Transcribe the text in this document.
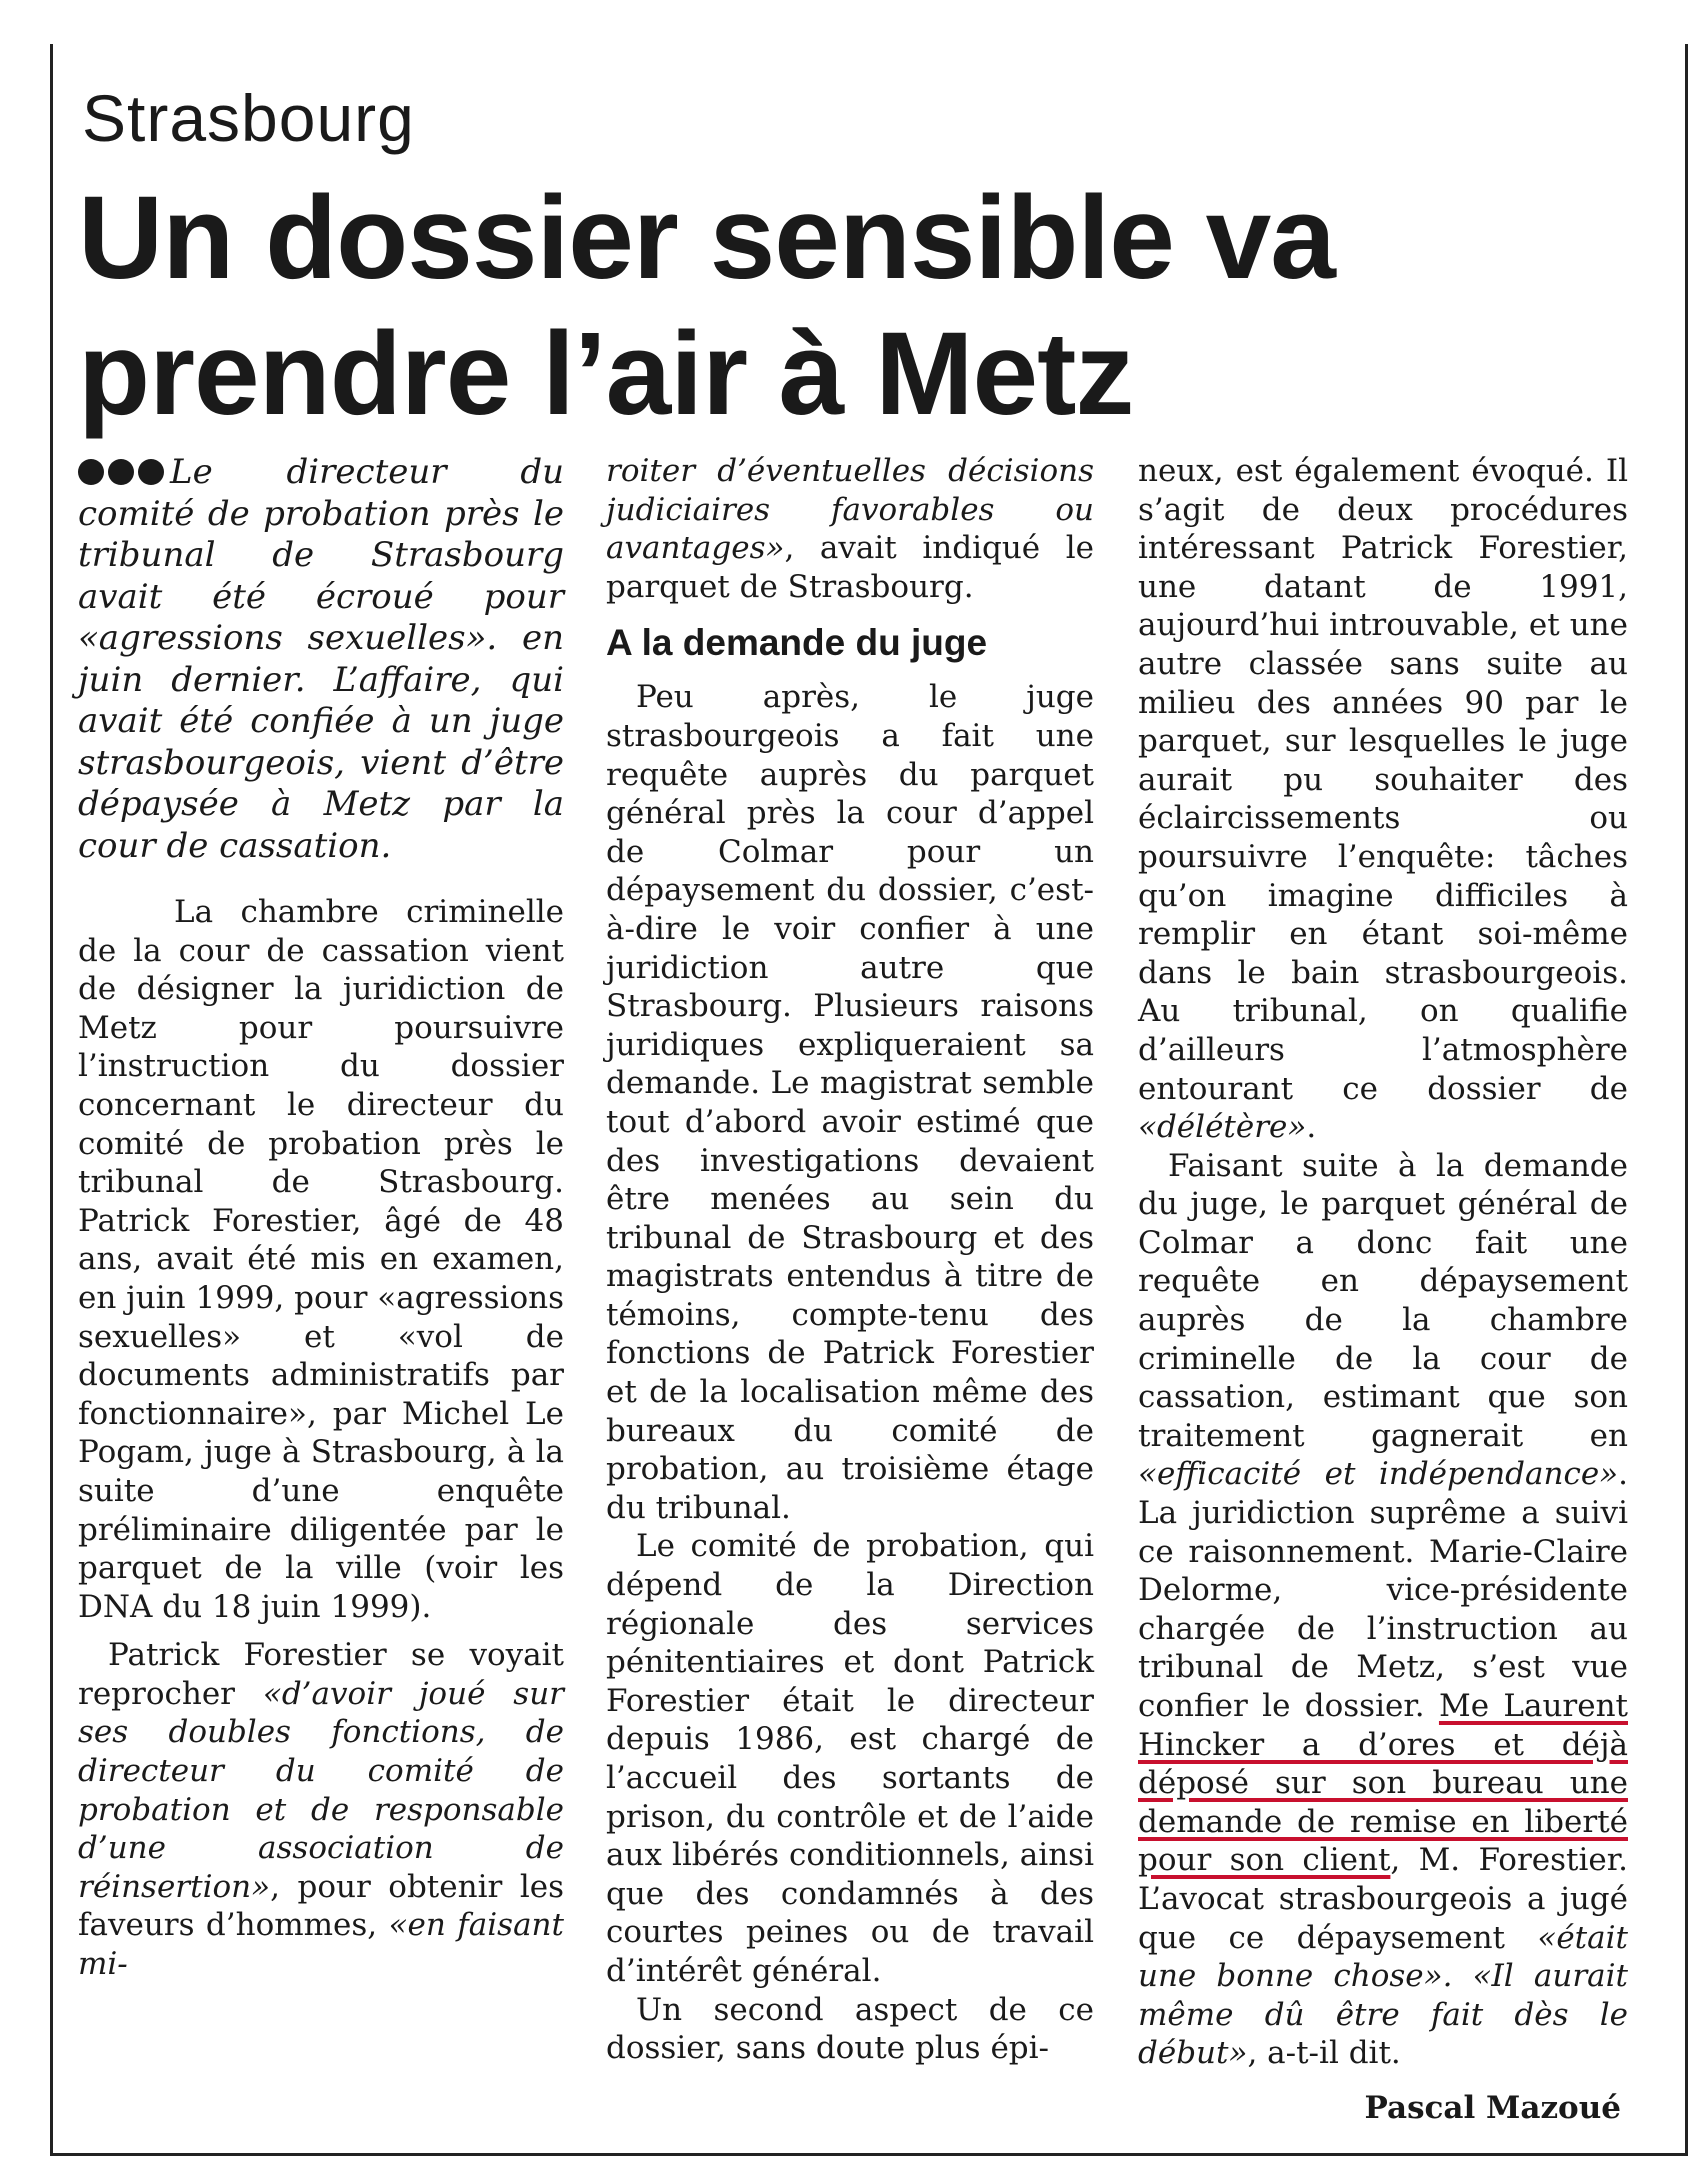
Strasbourg
Un dossier sensible va prendre l’air à Metz

Le directeur du comité de probation près le tribunal de Strasbourg avait été écroué pour «agressions sexuelles». en juin dernier. L’affaire, qui avait été confiée à un juge strasbourgeois, vient d’être dépaysée à Metz par la cour de cassation.

La chambre criminelle de la cour de cassation vient de désigner la juridiction de Metz pour poursuivre l’instruction du dossier concernant le directeur du comité de probation près le tribunal de Strasbourg. Patrick Forestier, âgé de 48 ans, avait été mis en examen, en juin 1999, pour «agressions sexuelles» et «vol de documents administratifs par fonctionnaire», par Michel Le Pogam, juge à Strasbourg, à la suite d’une enquête préliminaire diligentée par le parquet de la ville (voir les DNA du 18 juin 1999).

Patrick Forestier se voyait reprocher «d’avoir joué sur ses doubles fonctions, de directeur du comité de probation et de responsable d’une association de réinsertion», pour obtenir les faveurs d’hommes, «en faisant mi-

roiter d’éventuelles décisions judiciaires favorables ou avantages», avait indiqué le parquet de Strasbourg.

A la demande du juge

Peu après, le juge strasbourgeois a fait une requête auprès du parquet général près la cour d’appel de Colmar pour un dépaysement du dossier, c’est-à-dire le voir confier à une juridiction autre que Strasbourg. Plusieurs raisons juridiques expliqueraient sa demande. Le magistrat semble tout d’abord avoir estimé que des investigations devaient être menées au sein du tribunal de Strasbourg et des magistrats entendus à titre de témoins, compte-tenu des fonctions de Patrick Forestier et de la localisation même des bureaux du comité de probation, au troisième étage du tribunal.

Le comité de probation, qui dépend de la Direction régionale des services pénitentiaires et dont Patrick Forestier était le directeur depuis 1986, est chargé de l’accueil des sortants de prison, du contrôle et de l’aide aux libérés conditionnels, ainsi que des condamnés à des courtes peines ou de travail d’intérêt général.

Un second aspect de ce dossier, sans doute plus épi-

neux, est également évoqué. Il s’agit de deux procédures intéressant Patrick Forestier, une datant de 1991, aujourd’hui introuvable, et une autre classée sans suite au milieu des années 90 par le parquet, sur lesquelles le juge aurait pu souhaiter des éclaircissements ou poursuivre l’enquête: tâches qu’on imagine difficiles à remplir en étant soi-même dans le bain strasbourgeois. Au tribunal, on qualifie d’ailleurs l’atmosphère entourant ce dossier de «délétère».

Faisant suite à la demande du juge, le parquet général de Colmar a donc fait une requête en dépaysement auprès de la chambre criminelle de la cour de cassation, estimant que son traitement gagnerait en «efficacité et indépendance». La juridiction suprême a suivi ce raisonnement. Marie-Claire Delorme, vice-présidente chargée de l’instruction au tribunal de Metz, s’est vue confier le dossier. Me Laurent Hincker a d’ores et déjà déposé sur son bureau une demande de remise en liberté pour son client, M. Forestier. L’avocat strasbourgeois a jugé que ce dépaysement «était une bonne chose». «Il aurait même dû être fait dès le début», a-t-il dit.

Pascal Mazoué
